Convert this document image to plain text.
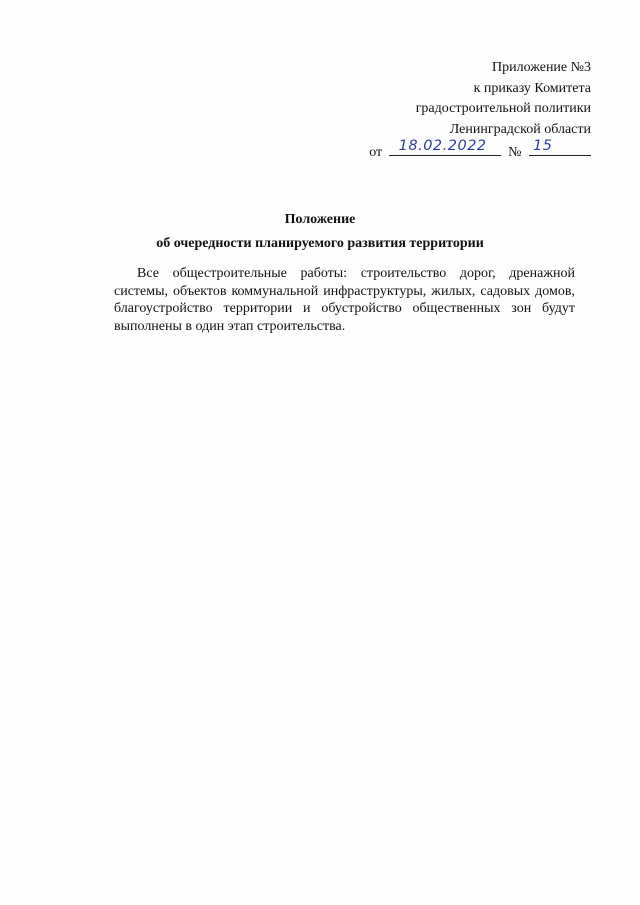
Приложение №3
к приказу Комитета
градостроительной политики
Ленинградской области
от 18.02.2022 № 15
Положение
об очередности планируемого развития территории

Все общестроительные работы: строительство дорог, дренажной системы, объектов коммунальной инфраструктуры, жилых, садовых домов, благоустройство территории и обустройство общественных зон будут выполнены в один этап строительства.
